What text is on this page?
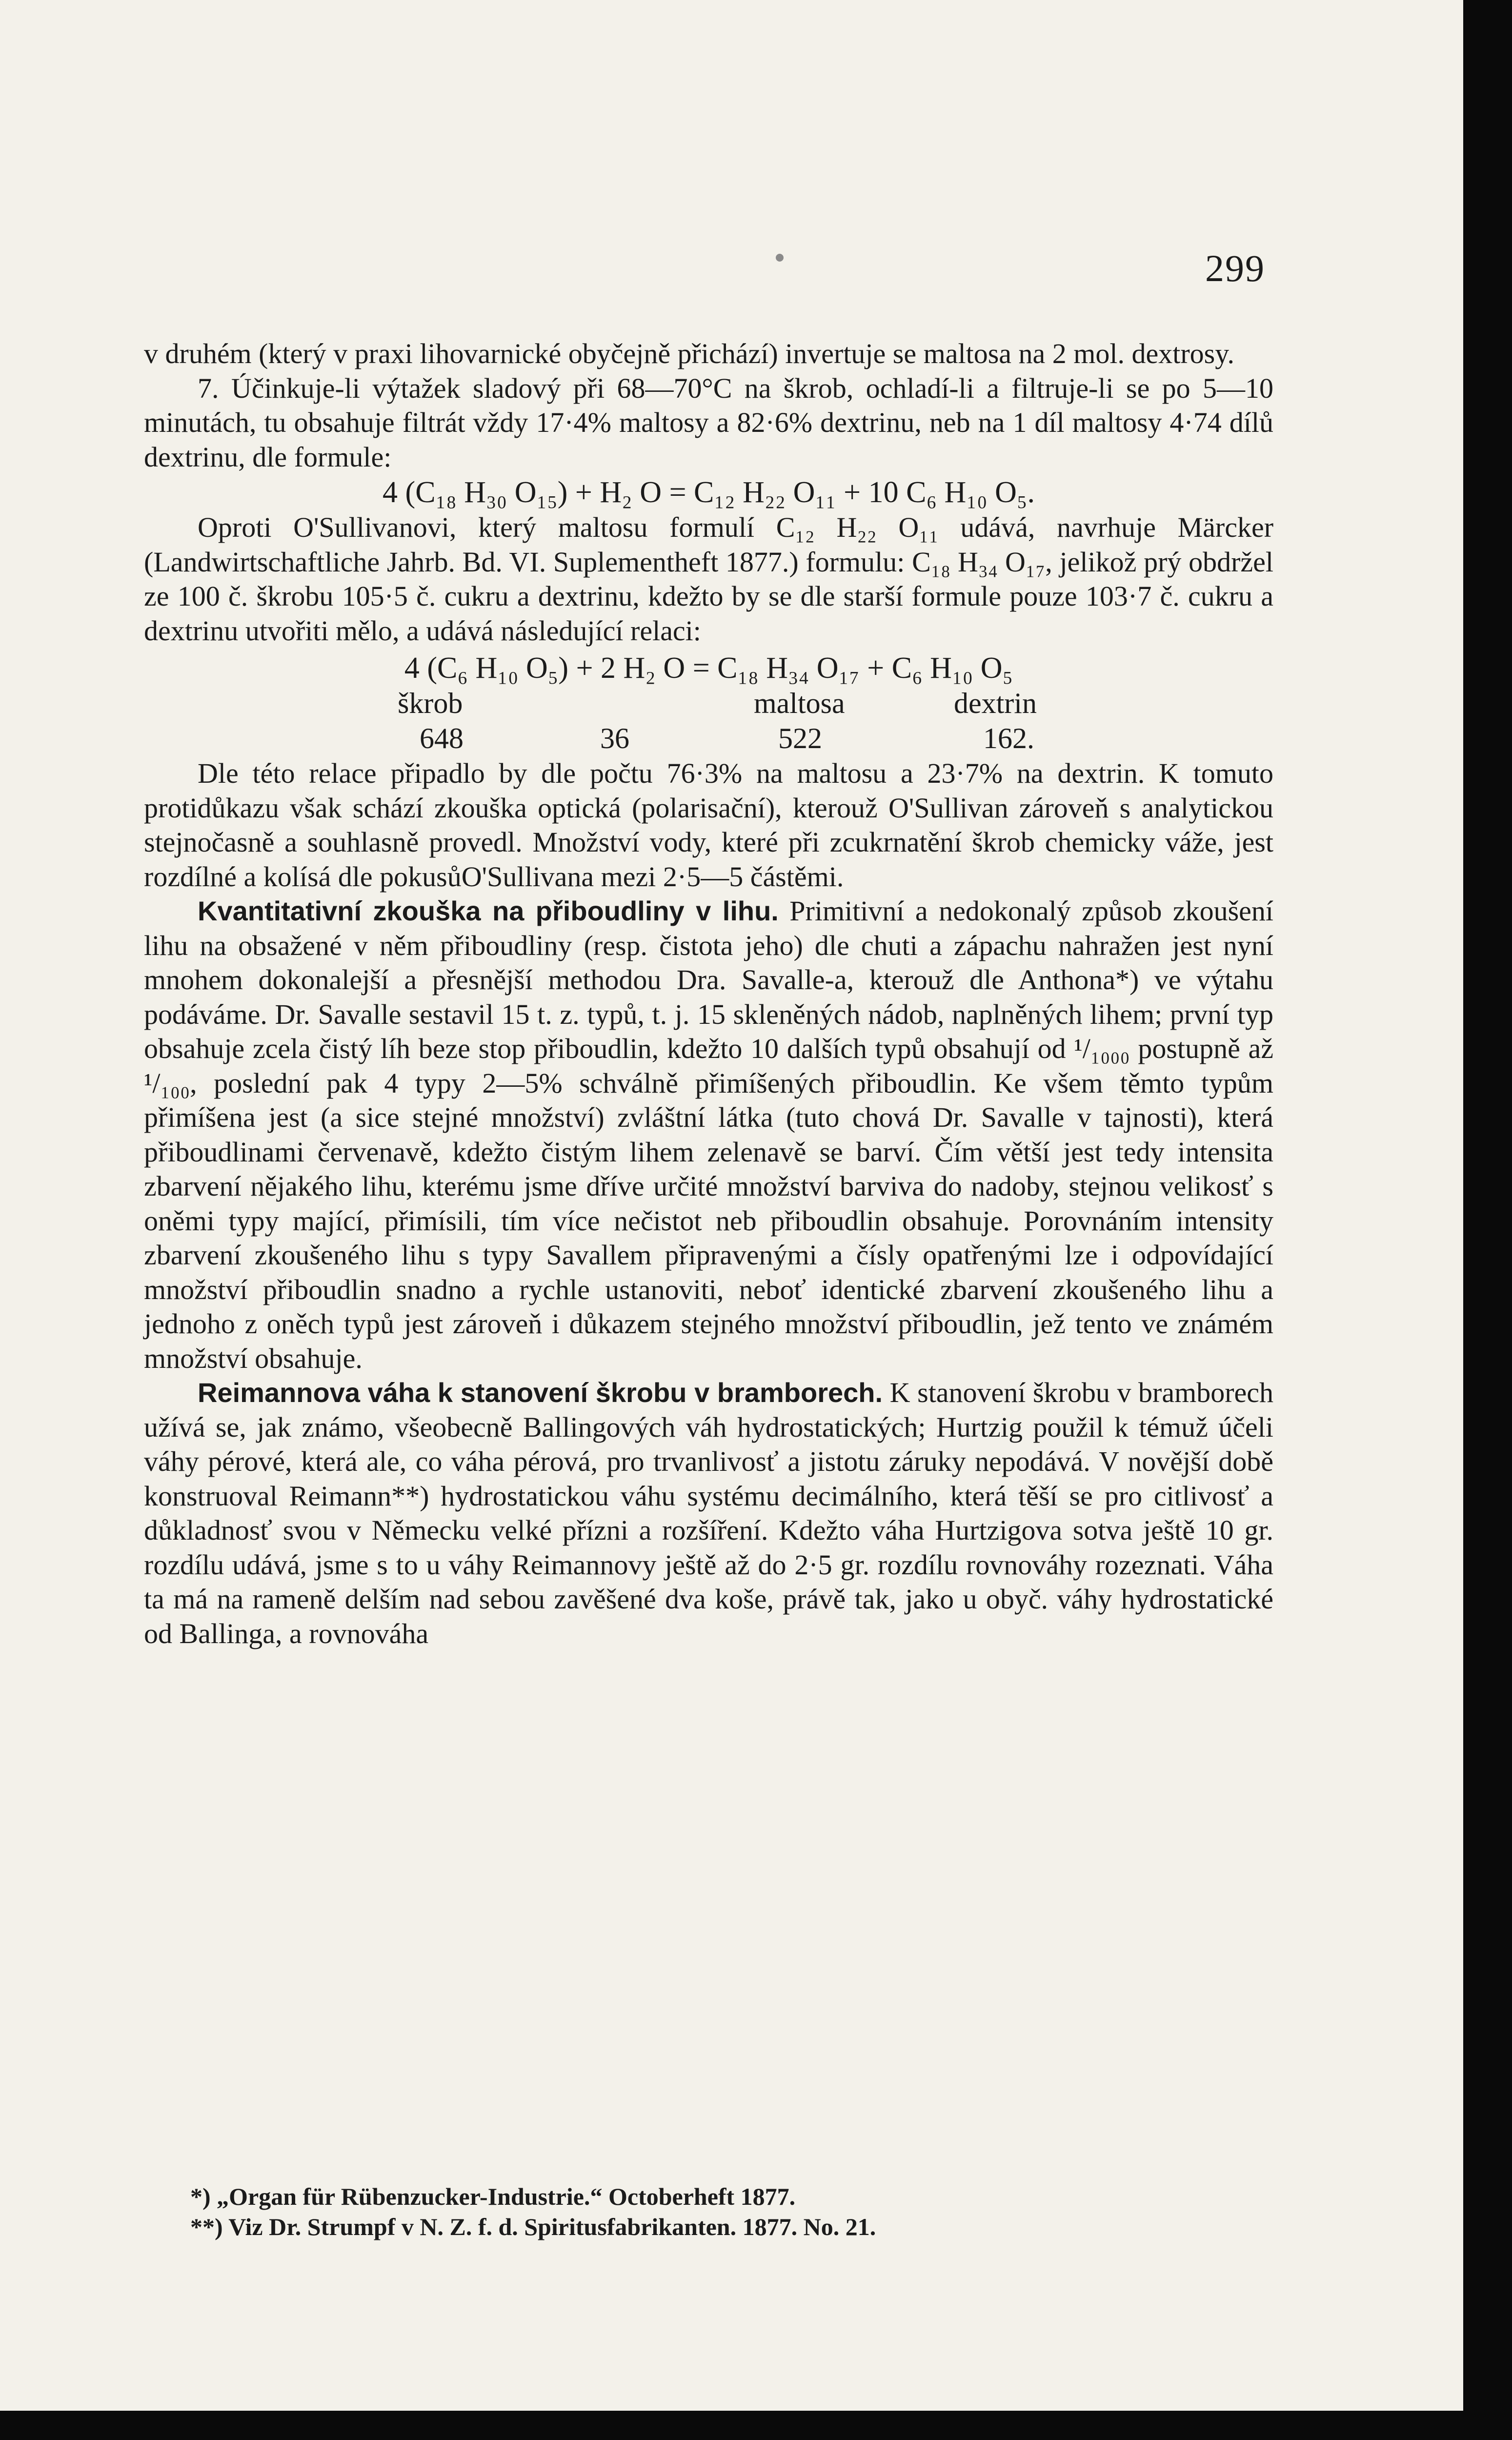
299

v druhém (který v praxi lihovarnické obyčejně přichází) invertuje se maltosa na 2 mol. dextrosy.

7. Účinkuje-li výtažek sladový při 68—70°C na škrob, ochladí-li a filtruje-li se po 5—10 minutách, tu obsahuje filtrát vždy 17·4% maltosy a 82·6% dextrinu, neb na 1 díl maltosy 4·74 dílů dextrinu, dle formule:

4 (C₁₈ H₃₀ O₁₅) + H₂ O = C₁₂ H₂₂ O₁₁ + 10 C₆ H₁₀ O₅.

Oproti O'Sullivanovi, který maltosu formulí C₁₂ H₂₂ O₁₁ udává, navrhuje Märcker (Landwirtschaftliche Jahrb. Bd. VI. Suplementheft 1877.) formulu: C₁₈ H₃₄ O₁₇, jelikož prý obdržel ze 100 č. škrobu 105·5 č. cukru a dextrinu, kdežto by se dle starší formule pouze 103·7 č. cukru a dextrinu utvořiti mělo, a udává následující relaci:

4 (C₆ H₁₀ O₅) + 2 H₂ O = C₁₈ H₃₄ O₁₇ + C₆ H₁₀ O₅

škrob	maltosa	dextrin
648	36	522	162.

Dle této relace připadlo by dle počtu 76·3% na maltosu a 23·7% na dextrin. K tomuto protidůkazu však schází zkouška optická (polarisační), kterouž O'Sullivan zároveň s analytickou stejnočasně a souhlasně provedl. Množství vody, které při zcukrnatění škrob chemicky váže, jest rozdílné a kolísá dle pokusůO'Sullivana mezi 2·5—5 částěmi.

Kvantitativní zkouška na přiboudliny v lihu. Primitivní a nedokonalý způsob zkoušení lihu na obsažené v něm přiboudliny (resp. čistota jeho) dle chuti a zápachu nahražen jest nyní mnohem dokonalejší a přesnější methodou Dra. Savalle-a, kterouž dle Anthona*) ve výtahu podáváme. Dr. Savalle sestavil 15 t. z. typů, t. j. 15 skleněných nádob, naplněných lihem; první typ obsahuje zcela čistý líh beze stop přiboudlin, kdežto 10 dalších typů obsahují od ¹/₁₀₀₀ postupně až ¹/₁₀₀, poslední pak 4 typy 2—5% schválně přimíšených přiboudlin. Ke všem těmto typům přimíšena jest (a sice stejné množství) zvláštní látka (tuto chová Dr. Savalle v tajnosti), která přiboudlinami červenavě, kdežto čistým lihem zelenavě se barví. Čím větší jest tedy intensita zbarvení nějakého lihu, kterému jsme dříve určité množství barviva do nadoby, stejnou velikosť s oněmi typy mající, přimísili, tím více nečistot neb přiboudlin obsahuje. Porovnáním intensity zbarvení zkoušeného lihu s typy Savallem připravenými a čísly opatřenými lze i odpovídající množství přiboudlin snadno a rychle ustanoviti, neboť identické zbarvení zkoušeného lihu a jednoho z oněch typů jest zároveň i důkazem stejného množství přiboudlin, jež tento ve známém množství obsahuje.

Reimannova váha k stanovení škrobu v bramborech. K stanovení škrobu v bramborech užívá se, jak známo, všeobecně Ballingových váh hydrostatických; Hurtzig použil k témuž účeli váhy pérové, která ale, co váha pérová, pro trvanlivosť a jistotu záruky nepodává. V novější době konstruoval Reimann**) hydrostatickou váhu systému decimálního, která těší se pro citlivosť a důkladnosť svou v Německu velké přízni a rozšíření. Kdežto váha Hurtzigova sotva ještě 10 gr. rozdílu udává, jsme s to u váhy Reimannovy ještě až do 2·5 gr. rozdílu rovnováhy rozeznati. Váha ta má na rameně delším nad sebou zavěšené dva koše, právě tak, jako u obyč. váhy hydrostatické od Ballinga, a rovnováha

*) „Organ für Rübenzucker-Industrie.“ Octoberheft 1877.

**) Viz Dr. Strumpf v N. Z. f. d. Spiritusfabrikanten. 1877. No. 21.
